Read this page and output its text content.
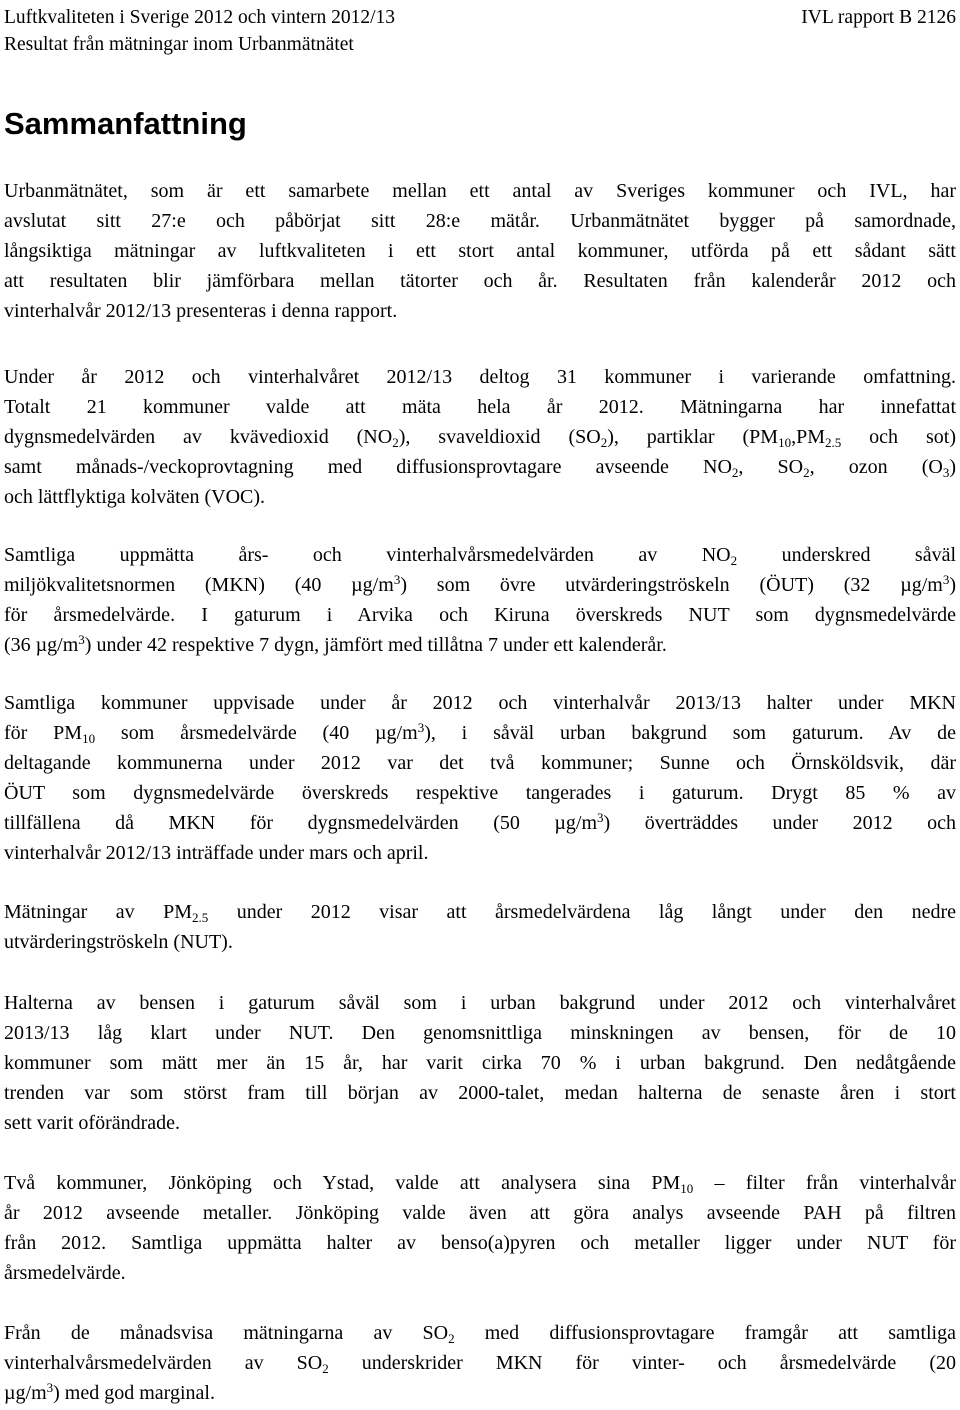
Luftkvaliteten i Sverige 2012 och vintern 2012/13	IVL rapport B 2126
Resultat från mätningar inom Urbanmätnätet
Sammanfattning
Urbanmätnätet, som är ett samarbete mellan ett antal av Sveriges kommuner och IVL, har
avslutat sitt 27:e och påbörjat sitt 28:e mätår. Urbanmätnätet bygger på samordnade,
långsiktiga mätningar av luftkvaliteten i ett stort antal kommuner, utförda på ett sådant sätt
att resultaten blir jämförbara mellan tätorter och år. Resultaten från kalenderår 2012 och
vinterhalvår 2012/13 presenteras i denna rapport.
Under år 2012 och vinterhalvåret 2012/13 deltog 31 kommuner i varierande omfattning.
Totalt 21 kommuner valde att mäta hela år 2012. Mätningarna har innefattat
dygnsmedelvärden av kvävedioxid $(NO_2)$, svaveldioxid $(SO_2)$, partiklar ($PM_{10},PM_{2.5}$ och sot)
samt månads-/veckoprovtagning med diffusionsprovtagare avseende $NO_2$, $SO_2$, ozon $(O_3)$
och lättflyktiga kolväten (VOC).
Samtliga uppmätta års- och vinterhalvårsmedelvärden av $NO_2$ underskred såväl
miljökvalitetsnormen (MKN) (40 $\mu g/m^3$) som övre utvärderingströskeln (ÖUT) (32 $\mu g/m^3$)
för årsmedelvärde. I gaturum i Arvika och Kiruna överskreds NUT som dygnsmedelvärde
(36 $\mu g/m^3$) under 42 respektive 7 dygn, jämfört med tillåtna 7 under ett kalenderår.
Samtliga kommuner uppvisade under år 2012 och vinterhalvår 2013/13 halter under MKN
för $PM_{10}$ som årsmedelvärde (40 $\mu g/m^3$), i såväl urban bakgrund som gaturum. Av de
deltagande kommunerna under 2012 var det två kommuner; Sunne och Örnsköldsvik, där
ÖUT som dygnsmedelvärde överskreds respektive tangerades i gaturum. Drygt 85 % av
tillfällena då MKN för dygnsmedelvärden (50 $\mu g/m^3$) överträddes under 2012 och
vinterhalvår 2012/13 inträffade under mars och april.
Mätningar av $PM_{2.5}$ under 2012 visar att årsmedelvärdena låg långt under den nedre
utvärderingströskeln (NUT).
Halterna av bensen i gaturum såväl som i urban bakgrund under 2012 och vinterhalvåret
2013/13 låg klart under NUT. Den genomsnittliga minskningen av bensen, för de 10
kommuner som mätt mer än 15 år, har varit cirka 70 % i urban bakgrund. Den nedåtgående
trenden var som störst fram till början av 2000-talet, medan halterna de senaste åren i stort
sett varit oförändrade.
Två kommuner, Jönköping och Ystad, valde att analysera sina $PM_{10}$ – filter från vinterhalvår
år 2012 avseende metaller. Jönköping valde även att göra analys avseende PAH på filtren
från 2012. Samtliga uppmätta halter av benso(a)pyren och metaller ligger under NUT för
årsmedelvärde.
Från de månadsvisa mätningarna av $SO_2$ med diffusionsprovtagare framgår att samtliga
vinterhalvårsmedelvärden av $SO_2$ underskrider MKN för vinter- och årsmedelvärde (20
$\mu g/m^3$) med god marginal.
